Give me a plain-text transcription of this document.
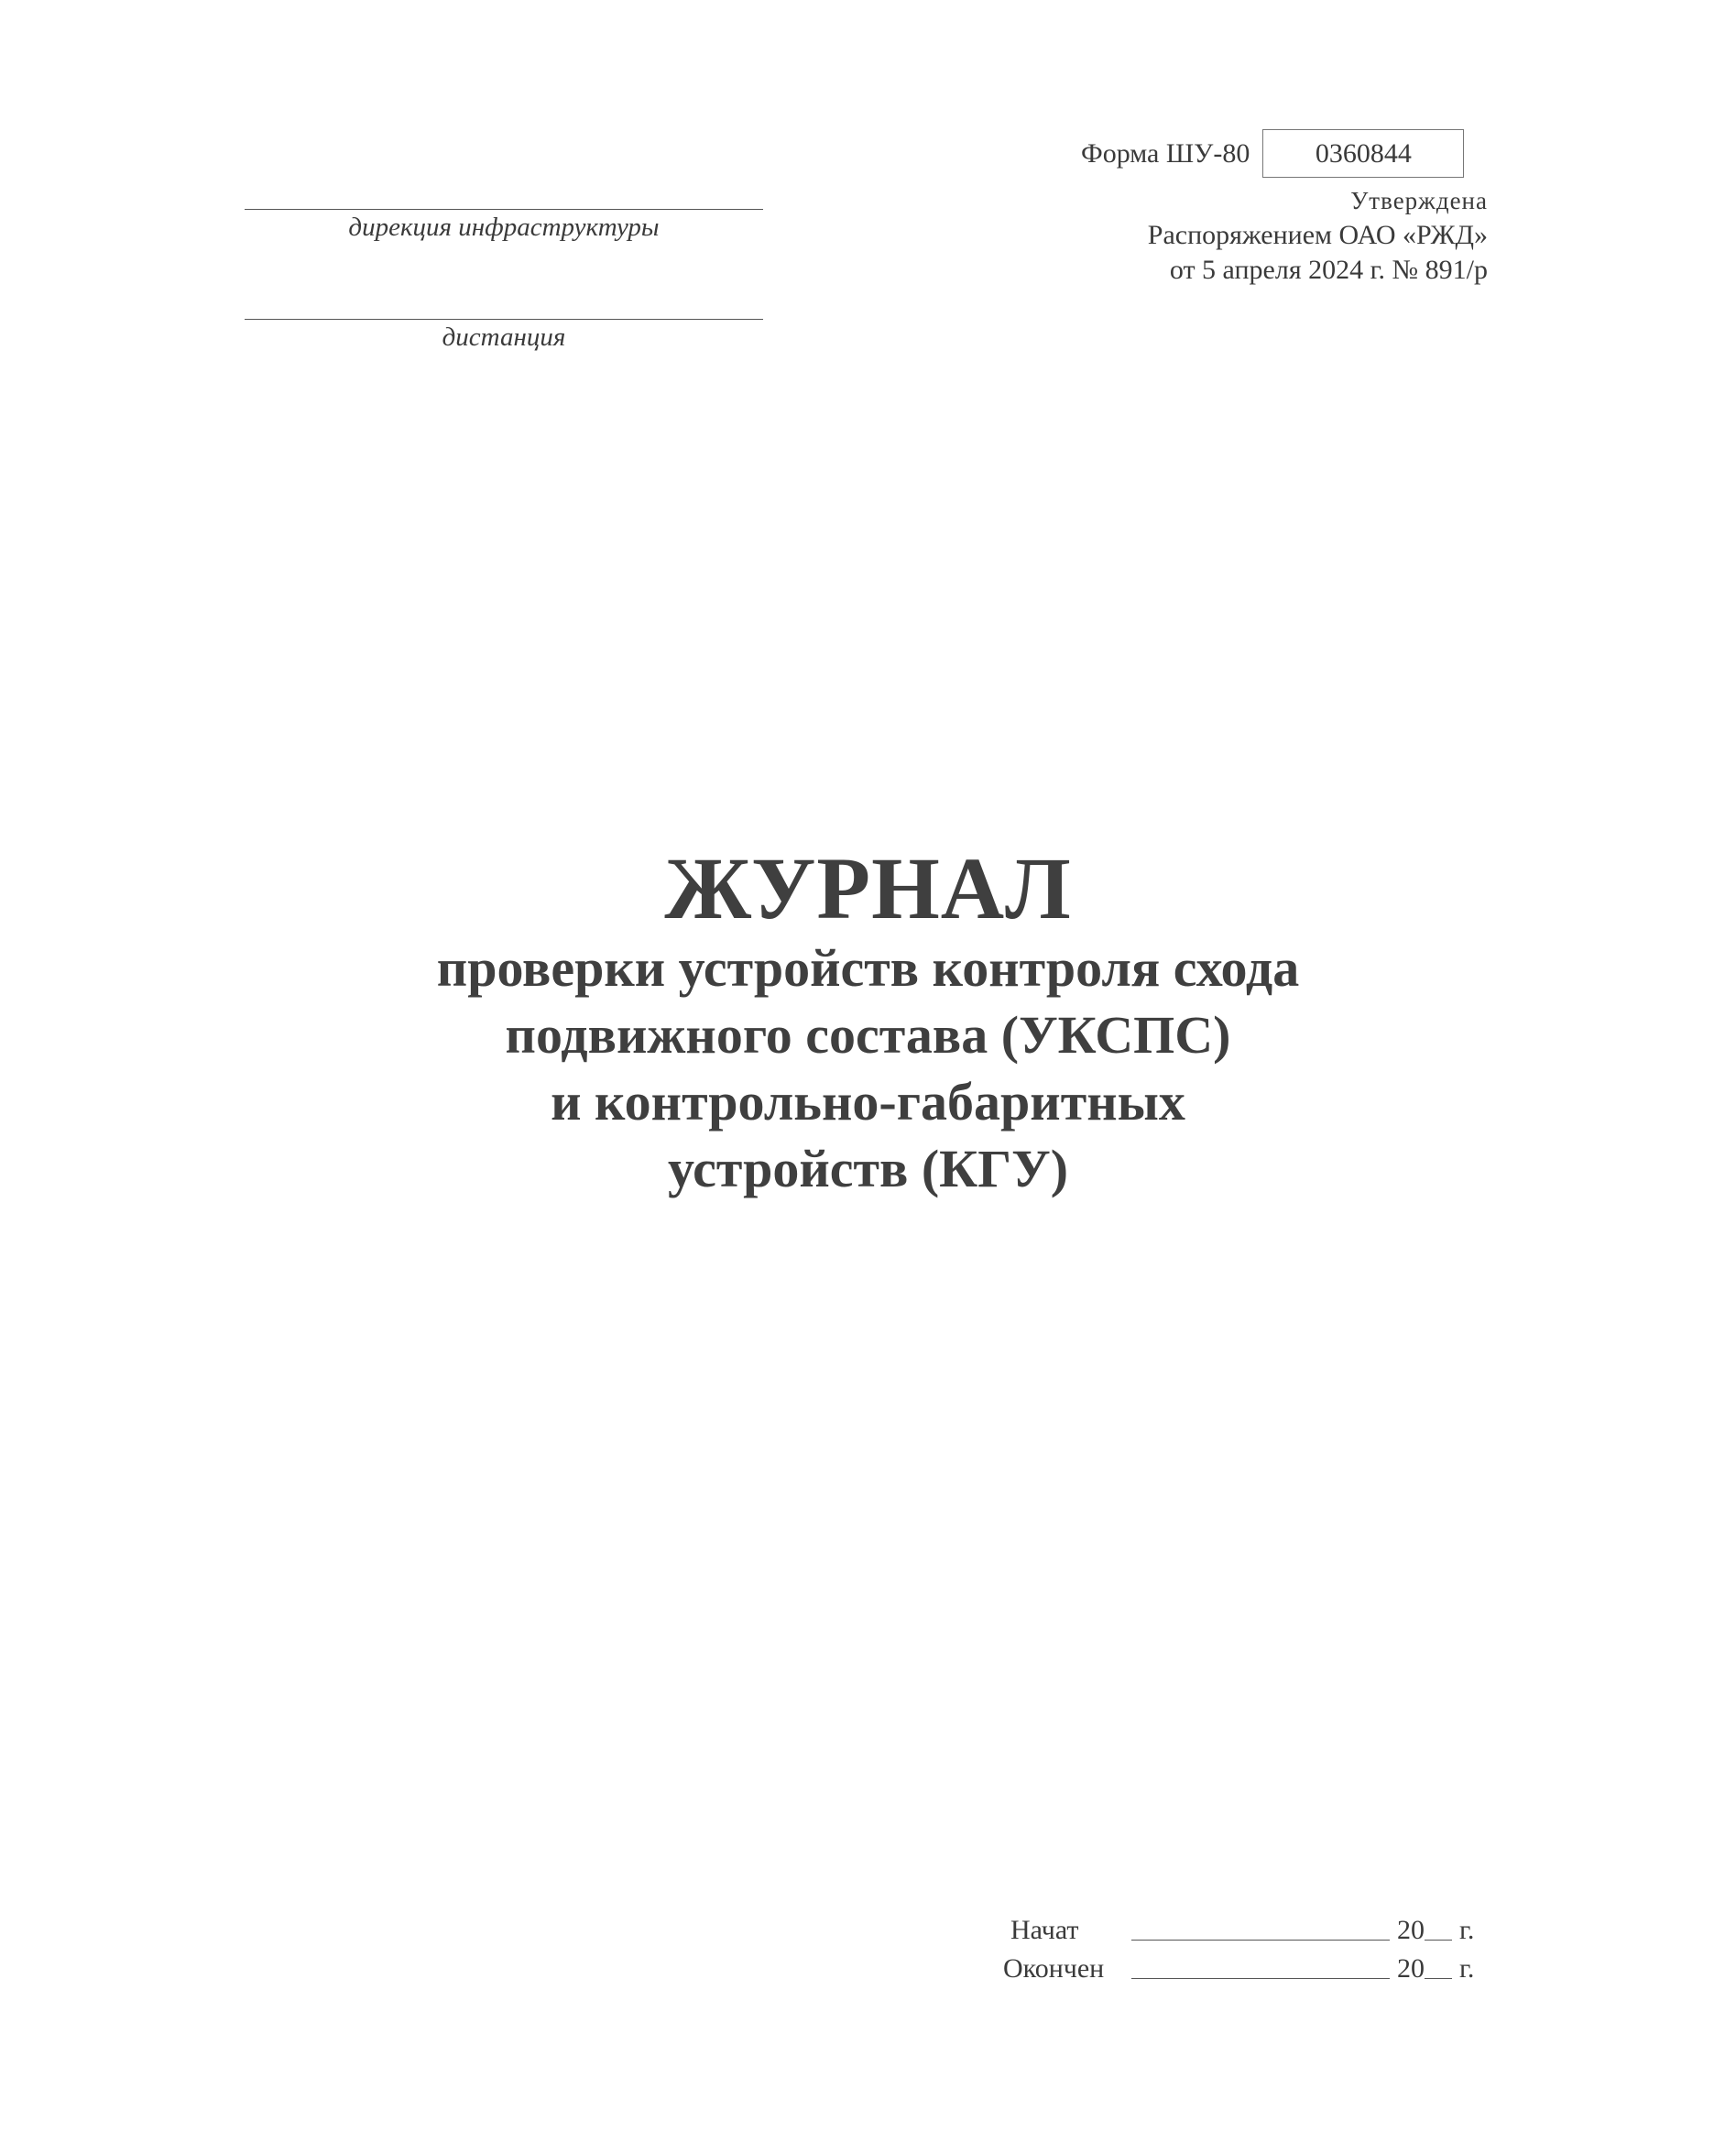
дирекция инфраструктуры
дистанция
Форма ШУ-80 0360844
Утверждена
Распоряжением ОАО «РЖД»
от 5 апреля 2024 г. № 891/р
ЖУРНАЛ
проверки устройств контроля схода
подвижного состава (УКСПС)
и контрольно-габаритных
устройств (КГУ)
Начат	20 г.
Окончен	20 г.
